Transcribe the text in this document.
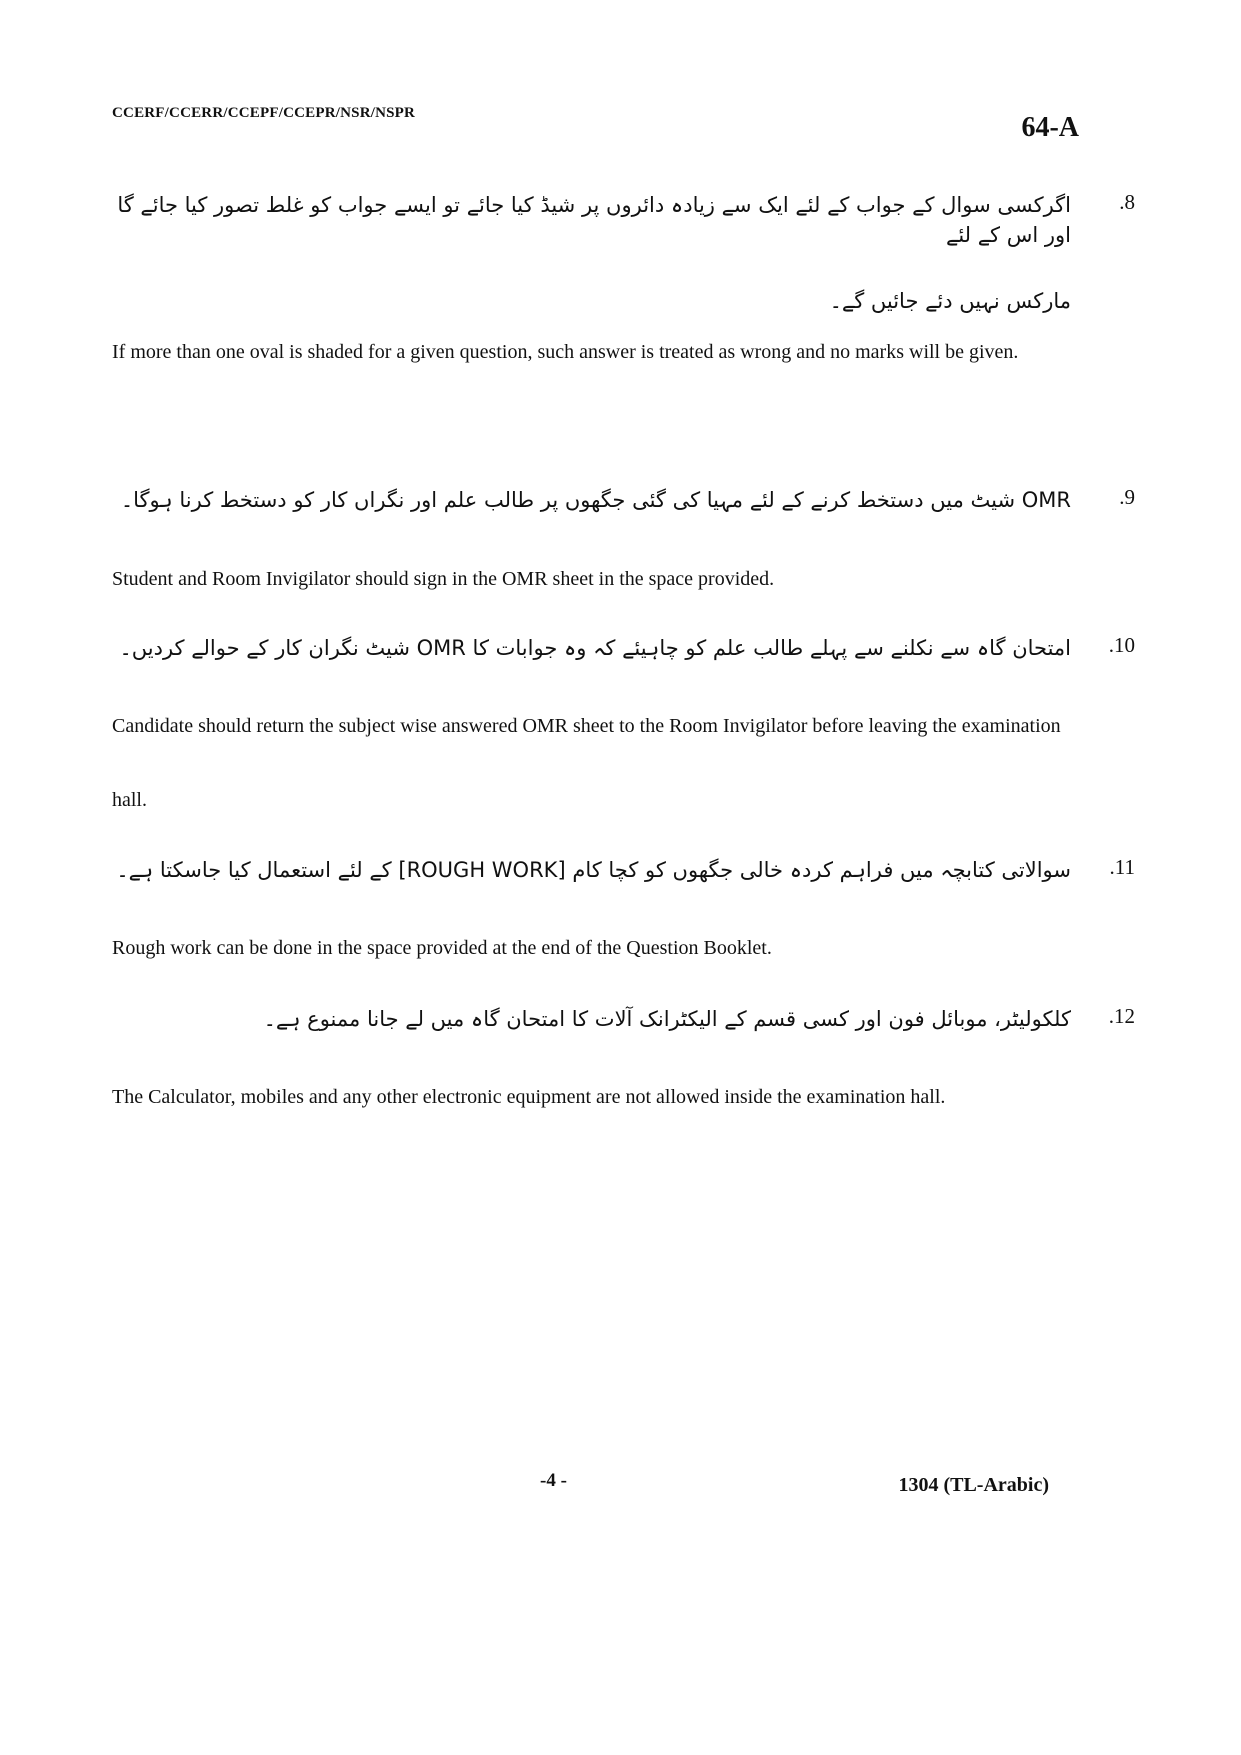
CCERF/CCERR/CCEPF/CCEPR/NSR/NSPR	64-A
.8
اگرکسی سوال کے جواب کے لئے ایک سے زیادہ دائروں پر شیڈ کیا جائے تو ایسے جواب کو غلط تصور کیا جائے گا اور اس کے لئے
مارکس نہیں دئے جائیں گے۔
If more than one oval is shaded for a given question, such answer is treated as wrong and no marks will be given.
.9
OMR شیٹ میں دستخط کرنے کے لئے مہیا کی گئی جگھوں پر طالب علم اور نگراں کار کو دستخط کرنا ہوگا۔
Student and Room Invigilator should sign in the OMR sheet in the space provided.
.10
امتحان گاہ سے نکلنے سے پہلے طالب علم کو چاہیئے کہ وہ جوابات کا OMR شیٹ نگران کار کے حوالے کردیں۔
Candidate should return the subject wise answered OMR sheet to the Room Invigilator before leaving the examination hall.
.11
سوالاتی کتابچہ میں فراہم کردہ خالی جگھوں کو کچا کام [ROUGH WORK] کے لئے استعمال کیا جاسکتا ہے۔
Rough work can be done in the space provided at the end of the Question Booklet.
.12
کلکولیٹر، موبائل فون اور کسی قسم کے الیکٹرانک آلات کا امتحان گاہ میں لے جانا ممنوع ہے۔
The Calculator, mobiles and any other electronic equipment are not allowed inside the examination hall.
-4 -	1304 (TL-Arabic)
